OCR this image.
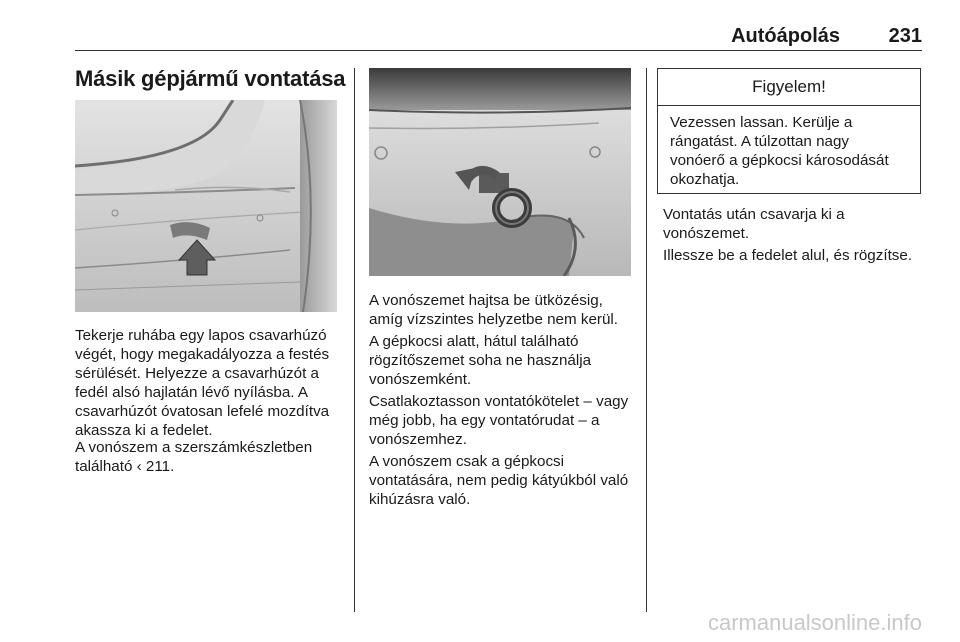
Autóápolás 231
Másik gépjármű vontatása
Tekerje ruhába egy lapos csavarhúzó végét, hogy megakadályozza a festés sérülését. Helyezze a csavarhúzót a fedél alsó hajlatán lévő nyílásba. A csavarhúzót óvatosan lefelé mozdítva akassza ki a fedelet.
A vonószem a szerszámkészletben található ‹ 211.
A vonószemet hajtsa be ütközésig, amíg vízszintes helyzetbe nem kerül.
A gépkocsi alatt, hátul található rögzítőszemet soha ne használja vonószemként.
Csatlakoztasson vontatókötelet – vagy még jobb, ha egy vontatórudat – a vonószemhez.
A vonószem csak a gépkocsi vontatására, nem pedig kátyúkból való kihúzásra való.
Figyelem!
Vezessen lassan. Kerülje a rángatást. A túlzottan nagy vonóerő a gépkocsi károsodását okozhatja.
Vontatás után csavarja ki a vonószemet.
Illessze be a fedelet alul, és rögzítse.
carmanualsonline.info
